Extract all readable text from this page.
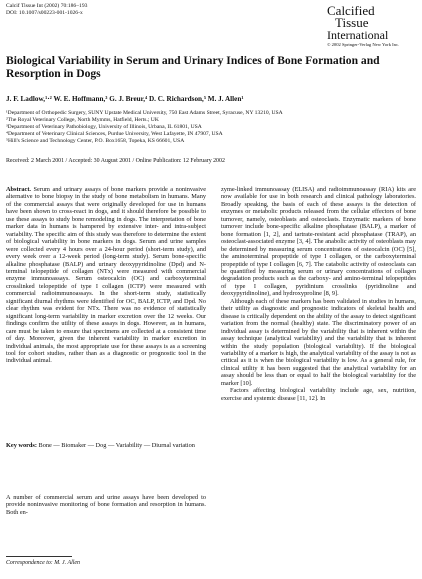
Calcif Tissue Int (2002) 70:186–193
DOI: 10.1007/s00223-001-1026-x	Calcified
Tissue
International
© 2002 Springer-Verlag New York Inc.
Biological Variability in Serum and Urinary Indices of Bone Formation and Resorption in Dogs
J. F. Ladlow,¹·² W. E. Hoffmann,³ G. J. Breur,⁴ D. C. Richardson,⁵ M. J. Allen¹
¹Department of Orthopedic Surgery, SUNY Upstate Medical University, 750 East Adams Street, Syracuse, NY 13210, USA
²The Royal Veterinary College, North Mymms, Hatfield, Herts.; UK
³Department of Veterinary Pathobiology, University of Illinois, Urbana, IL 61801, USA
⁴Department of Veterinary Clinical Sciences, Purdue University, West Lafayette, IN 47907, USA
⁵Hill's Science and Technology Center, P.O. Box1658, Topeka, KS 66601, USA
Received: 2 March 2001 / Accepted: 30 August 2001 / Online Publication: 12 February 2002

Abstract. Serum and urinary assays of bone markers provide a noninvasive alternative to bone biopsy in the study of bone metabolism in humans. Many of the commercial assays that were originally developed for use in humans have been shown to cross-react in dogs, and it should therefore be possible to use these assays to study bone remodeling in dogs. The interpretation of bone marker data in humans is hampered by extensive inter- and intra-subject variability. The specific aim of this study was therefore to determine the extent of biological variability in bone markers in dogs. Serum and urine samples were collected every 4 hours over a 24-hour period (short-term study), and every week over a 12-week period (long-term study). Serum bone-specific alkaline phosphatase (BALP) and urinary deoxypyridinoline (Dpd) and N-terminal telopeptide of collagen (NTx) were measured with commercial enzyme immunoassays. Serum osteocalcin (OC) and carboxyterminal crosslinked telopeptide of type I collagen (ICTP) were measured with commercial radioimmunoassays. In the short-term study, statistically significant diurnal rhythms were identified for OC, BALP, ICTP, and Dpd. No clear rhythm was evident for NTx. There was no evidence of statistically significant long-term variability in marker excretion over the 12 weeks. Our findings confirm the utility of these assays in dogs. However, as in humans, care must be taken to ensure that specimens are collected at a consistent time of day. Moreover, given the inherent variability in marker excretion in individual animals, the most appropriate use for these assays is as a screening tool for cohort studies, rather than as a diagnostic or prognostic tool in the individual animal.

Key words: Bone — Biomaker — Dog — Variability — Diurnal variation

A number of commercial serum and urine assays have been developed to provide noninvasive monitoring of bone formation and resorption in humans. Both en-

zyme-linked immunoassay (ELISA) and radioimmunoassay (RIA) kits are now available for use in both research and clinical pathology laboratories. Broadly speaking, the basis of each of these assays is the detection of enzymes or metabolic products released from the cellular effectors of bone turnover, namely, osteoblasts and osteoclasts. Enzymatic markers of bone turnover include bone-specific alkaline phosphatase (BALP), a marker of bone formation [1, 2], and tartrate-resistant acid phosphatase (TRAP), an osteoclast-associated enzyme [3, 4]. The anabolic activity of osteoblasts may be determined by measuring serum concentrations of osteocalcin (OC) [5], the aminoterminal propeptide of type I collagen, or the carboxyterminal propeptide of type I collagen [6, 7]. The catabolic activity of osteoclasts can be quantified by measuring serum or urinary concentrations of collagen degradation products such as the carboxy- and amino-terminal telopeptides of type I collagen, pyridinium crosslinks (pyridinoline and deoxypyridinoline), and hydroxyproline [8, 9].

Although each of these markers has been validated in studies in humans, their utility as diagnostic and prognostic indicators of skeletal health and disease is critically dependent on the ability of the assay to detect significant variation from the normal (healthy) state. The discriminatory power of an individual assay is determined by the variability that is inherent within the assay technique (analytical variability) and the variability that is inherent within the study population (biological variability). If the biological variability of a marker is high, the analytical variability of the assay is not as critical as it is when the biological variability is low. As a general rule, for clinical utility it has been suggested that the analytical variability for an assay should be less than or equal to half the biological variability for the marker [10].

Factors affecting biological variability include age, sex, nutrition, exercise and systemic disease [11, 12]. In

Correspondence to: M. J. Allen
